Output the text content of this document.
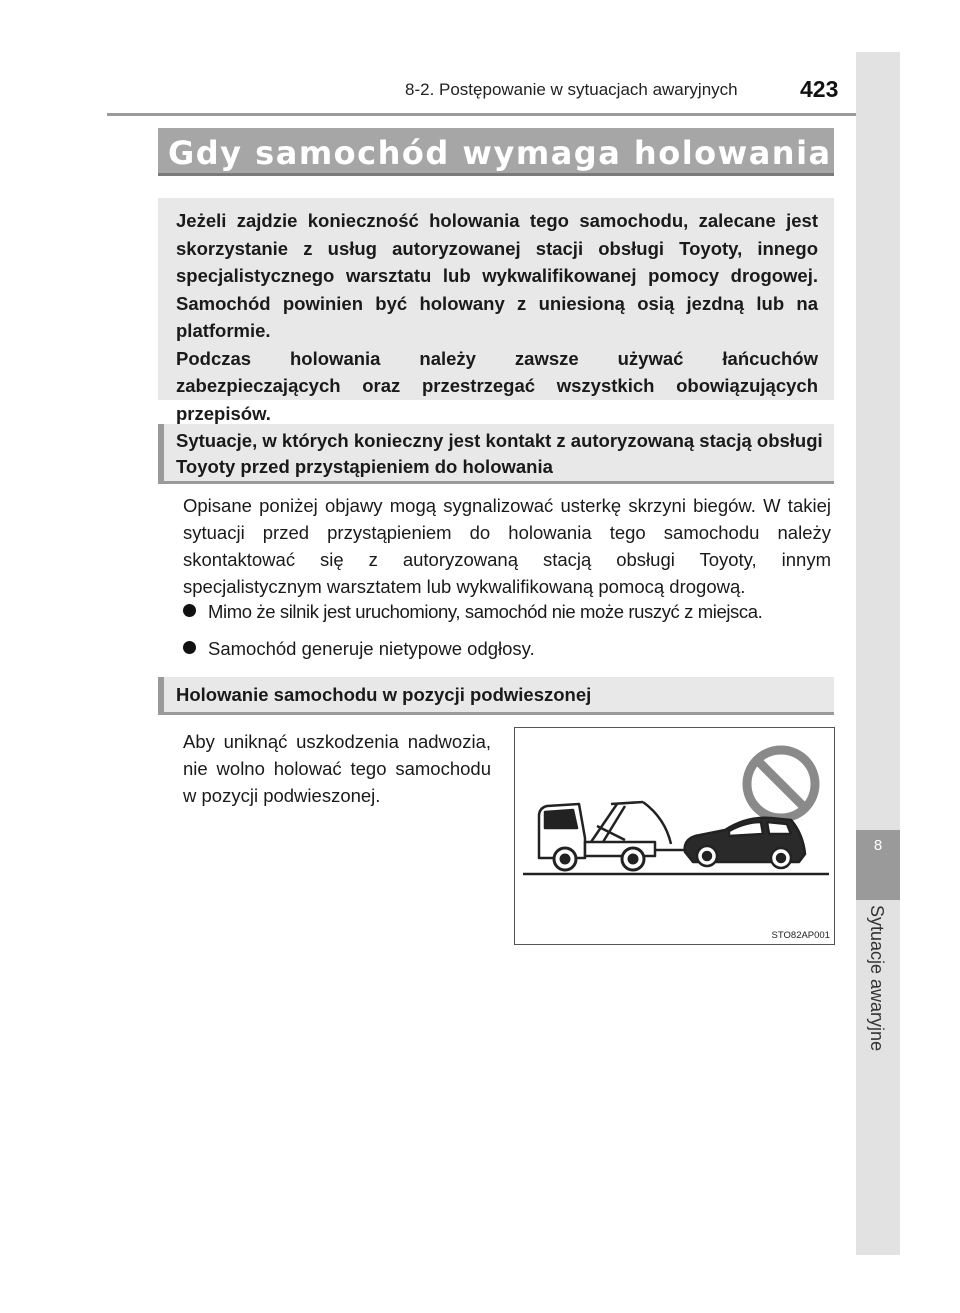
8-2. Postępowanie w sytuacjach awaryjnych	423
8
Sytuacje awaryjne
Gdy samochód wymaga holowania

Jeżeli zajdzie konieczność holowania tego samochodu, zalecane jest skorzystanie z usług autoryzowanej stacji obsługi Toyoty, innego specjalistycznego warsztatu lub wykwalifikowanej pomocy drogowej. Samochód powinien być holowany z uniesioną osią jezdną lub na platformie.

Podczas holowania należy zawsze używać łańcuchów zabezpieczających oraz przestrzegać wszystkich obowiązujących przepisów.

Sytuacje, w których konieczny jest kontakt z autoryzowaną stacją obsługi Toyoty przed przystąpieniem do holowania
Opisane poniżej objawy mogą sygnalizować usterkę skrzyni biegów. W takiej sytuacji przed przystąpieniem do holowania tego samochodu należy skontaktować się z autoryzowaną stacją obsługi Toyoty, innym specjalistycznym warsztatem lub wykwalifikowaną pomocą drogową.
Mimo że silnik jest uruchomiony, samochód nie może ruszyć z miejsca.
Samochód generuje nietypowe odgłosy.
Holowanie samochodu w pozycji podwieszonej
Aby uniknąć uszkodzenia nadwozia, nie wolno holować tego samochodu w pozycji podwieszonej.
STO82AP001
